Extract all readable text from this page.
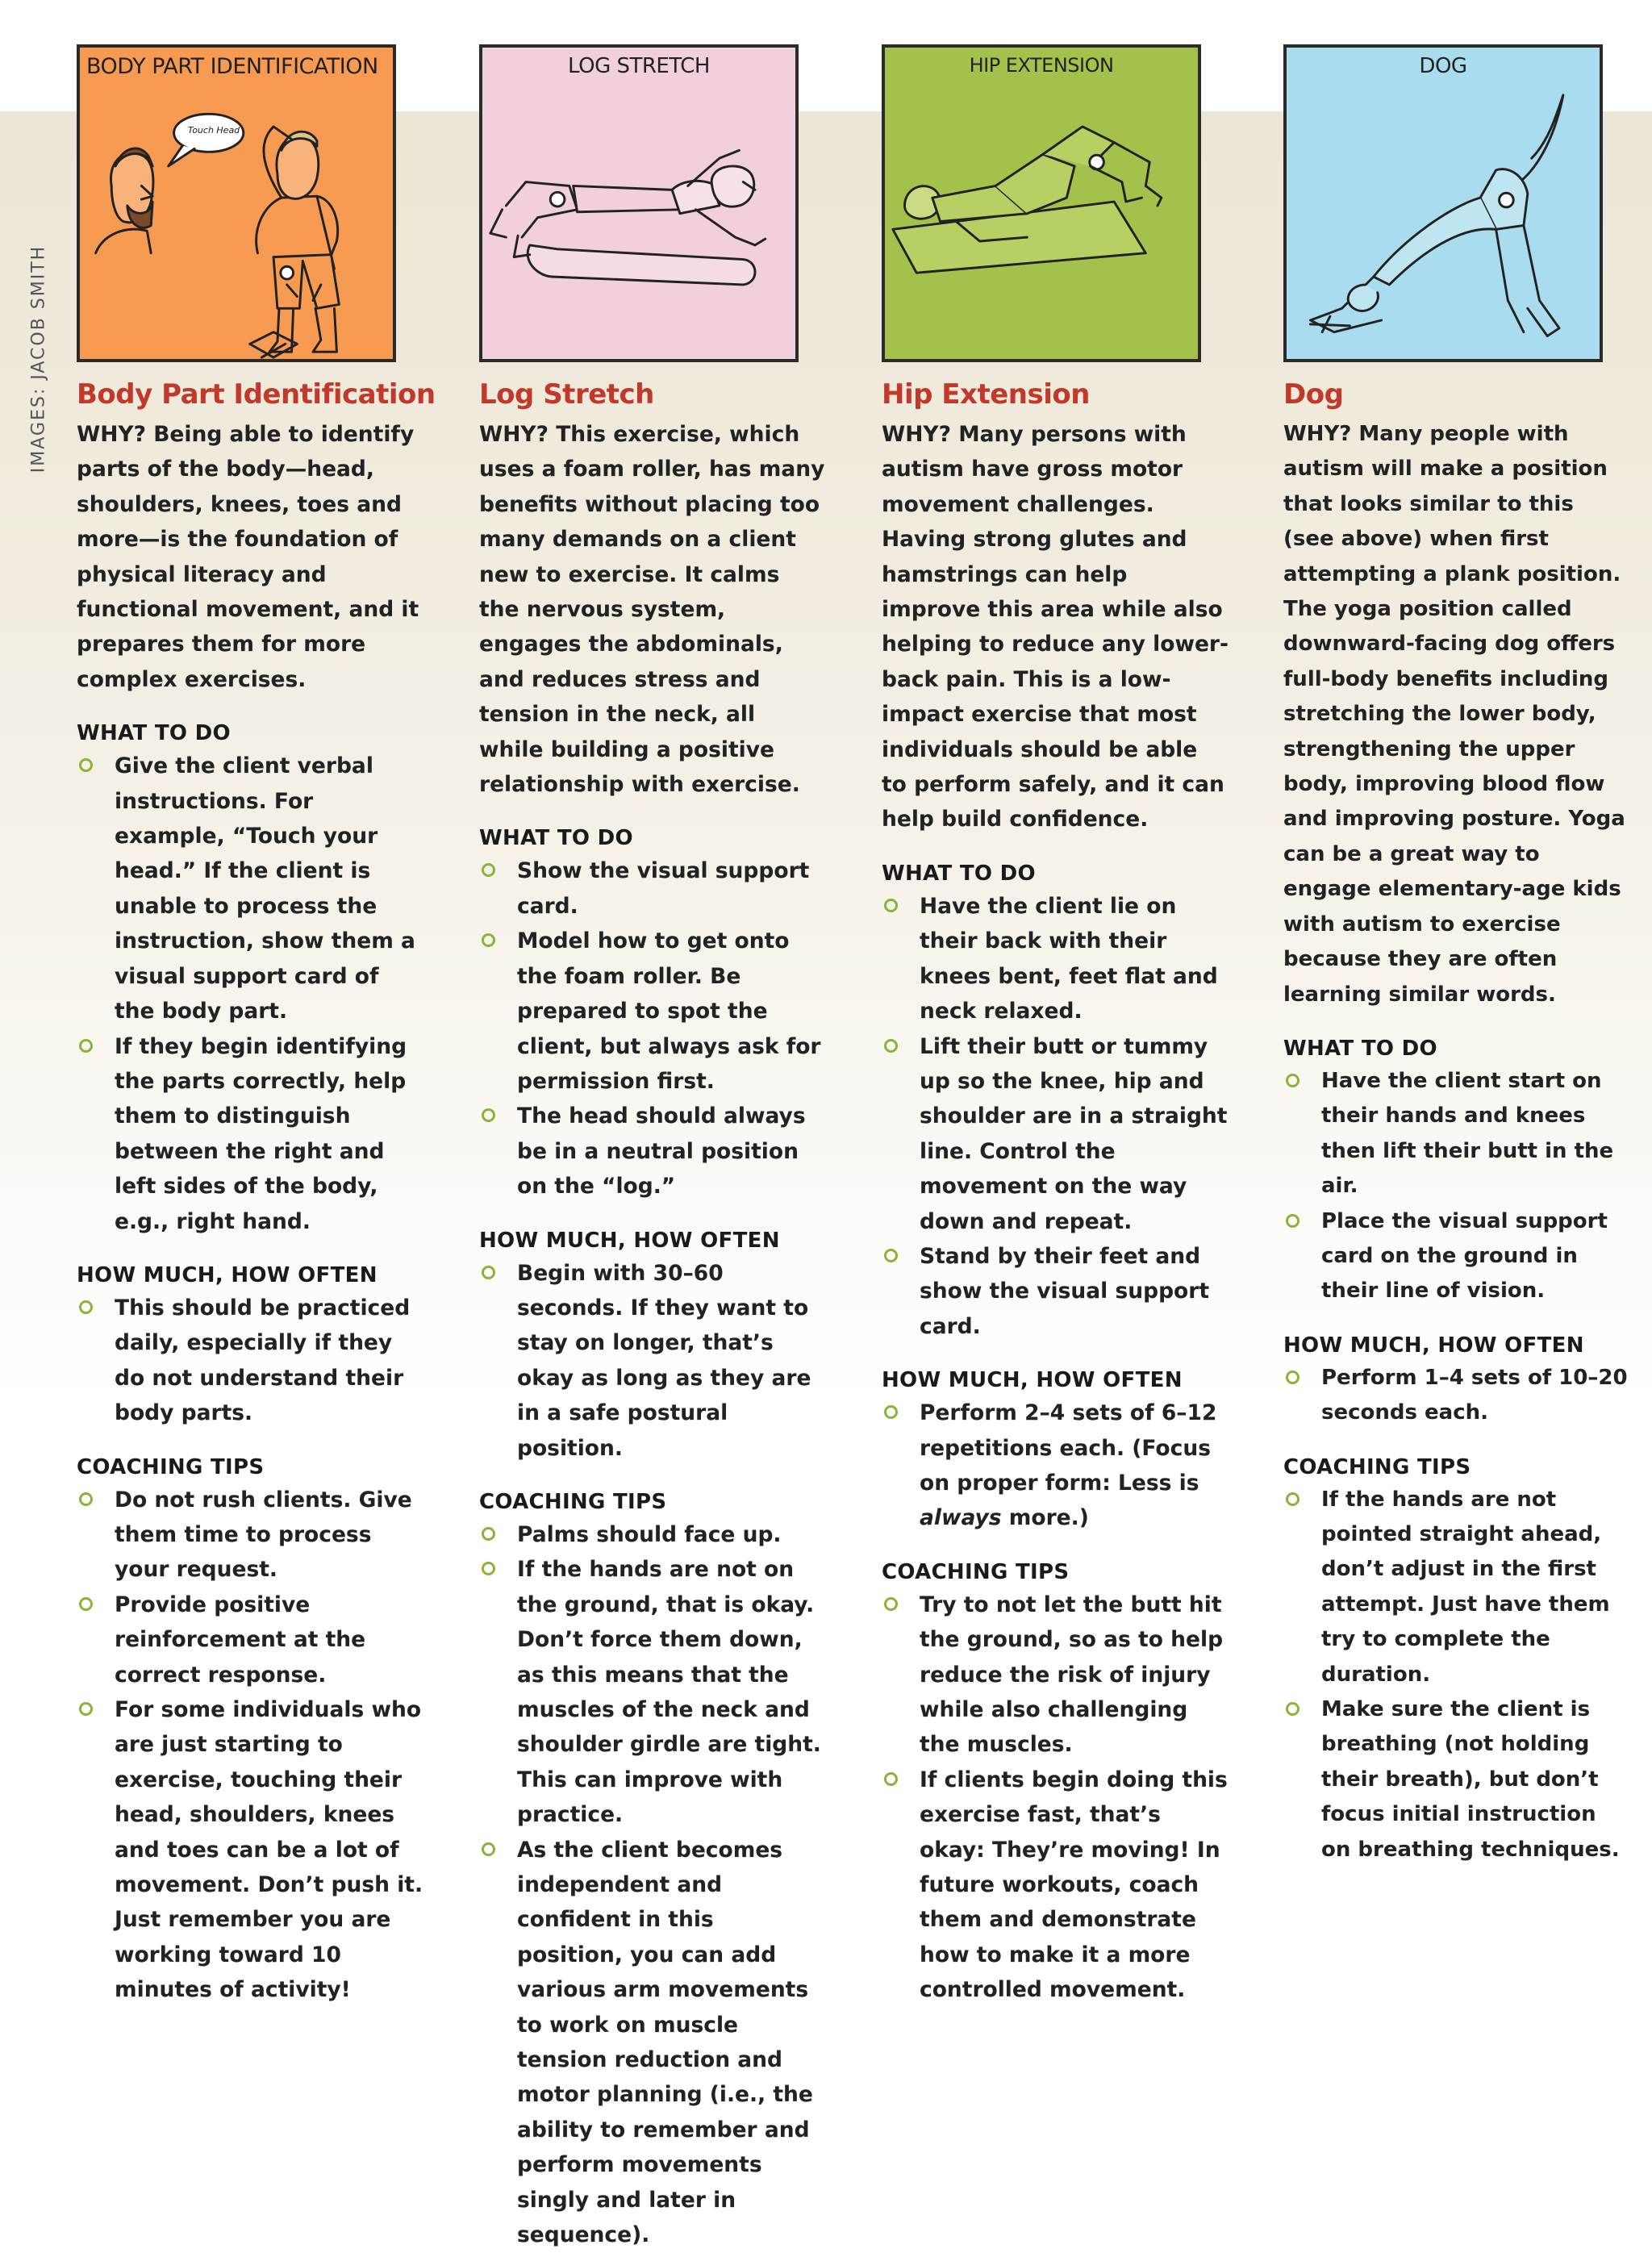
IMAGES: JACOB SMITH
BODY PART IDENTIFICATION
Touch Head
Body Part Identification
WHY? Being able to identify parts of the body—head, shoulders, knees, toes and more—is the foundation of physical literacy and functional movement, and it prepares them for more complex exercises.
WHAT TO DO
Give the client verbal instructions. For example, “Touch your head.” If the client is unable to process the instruction, show them a visual support card of the body part.
If they begin identifying the parts correctly, help them to distinguish between the right and left sides of the body, e.g., right hand.
HOW MUCH, HOW OFTEN
This should be practiced daily, especially if they do not understand their body parts.
COACHING TIPS
Do not rush clients. Give them time to process your request.
Provide positive reinforcement at the correct response.
For some individuals who are just starting to exercise, touching their head, shoulders, knees and toes can be a lot of movement. Don’t push it. Just remember you are working toward 10 minutes of activity!
LOG STRETCH
Log Stretch
WHY? This exercise, which uses a foam roller, has many benefits without placing too many demands on a client new to exercise. It calms the nervous system, engages the abdominals, and reduces stress and tension in the neck, all while building a positive relationship with exercise.
WHAT TO DO
Show the visual support card.
Model how to get onto the foam roller. Be prepared to spot the client, but always ask for permission first.
The head should always be in a neutral position on the “log.”
HOW MUCH, HOW OFTEN
Begin with 30–60 seconds. If they want to stay on longer, that’s okay as long as they are in a safe postural position.
COACHING TIPS
Palms should face up.
If the hands are not on the ground, that is okay. Don’t force them down, as this means that the muscles of the neck and shoulder girdle are tight. This can improve with practice.
As the client becomes independent and confident in this position, you can add various arm movements to work on muscle tension reduction and motor planning (i.e., the ability to remember and perform movements singly and later in sequence).
HIP EXTENSION
Hip Extension
WHY? Many persons with autism have gross motor movement challenges. Having strong glutes and hamstrings can help improve this area while also helping to reduce any lower-back pain. This is a low-impact exercise that most individuals should be able to perform safely, and it can help build confidence.
WHAT TO DO
Have the client lie on their back with their knees bent, feet flat and neck relaxed.
Lift their butt or tummy up so the knee, hip and shoulder are in a straight line. Control the movement on the way down and repeat.
Stand by their feet and show the visual support card.
HOW MUCH, HOW OFTEN
Perform 2–4 sets of 6–12 repetitions each. (Focus on proper form: Less is always more.)
COACHING TIPS
Try to not let the butt hit the ground, so as to help reduce the risk of injury while also challenging the muscles.
If clients begin doing this exercise fast, that’s okay: They’re moving! In future workouts, coach them and demonstrate how to make it a more controlled movement.
DOG
Dog
WHY? Many people with autism will make a position that looks similar to this (see above) when first attempting a plank position. The yoga position called downward-facing dog offers full-body benefits including stretching the lower body, strengthening the upper body, improving blood flow and improving posture. Yoga can be a great way to engage elementary-age kids with autism to exercise because they are often learning similar words.
WHAT TO DO
Have the client start on their hands and knees then lift their butt in the air.
Place the visual support card on the ground in their line of vision.
HOW MUCH, HOW OFTEN
Perform 1–4 sets of 10–20 seconds each.
COACHING TIPS
If the hands are not pointed straight ahead, don’t adjust in the first attempt. Just have them try to complete the duration.
Make sure the client is breathing (not holding their breath), but don’t focus initial instruction on breathing techniques.
